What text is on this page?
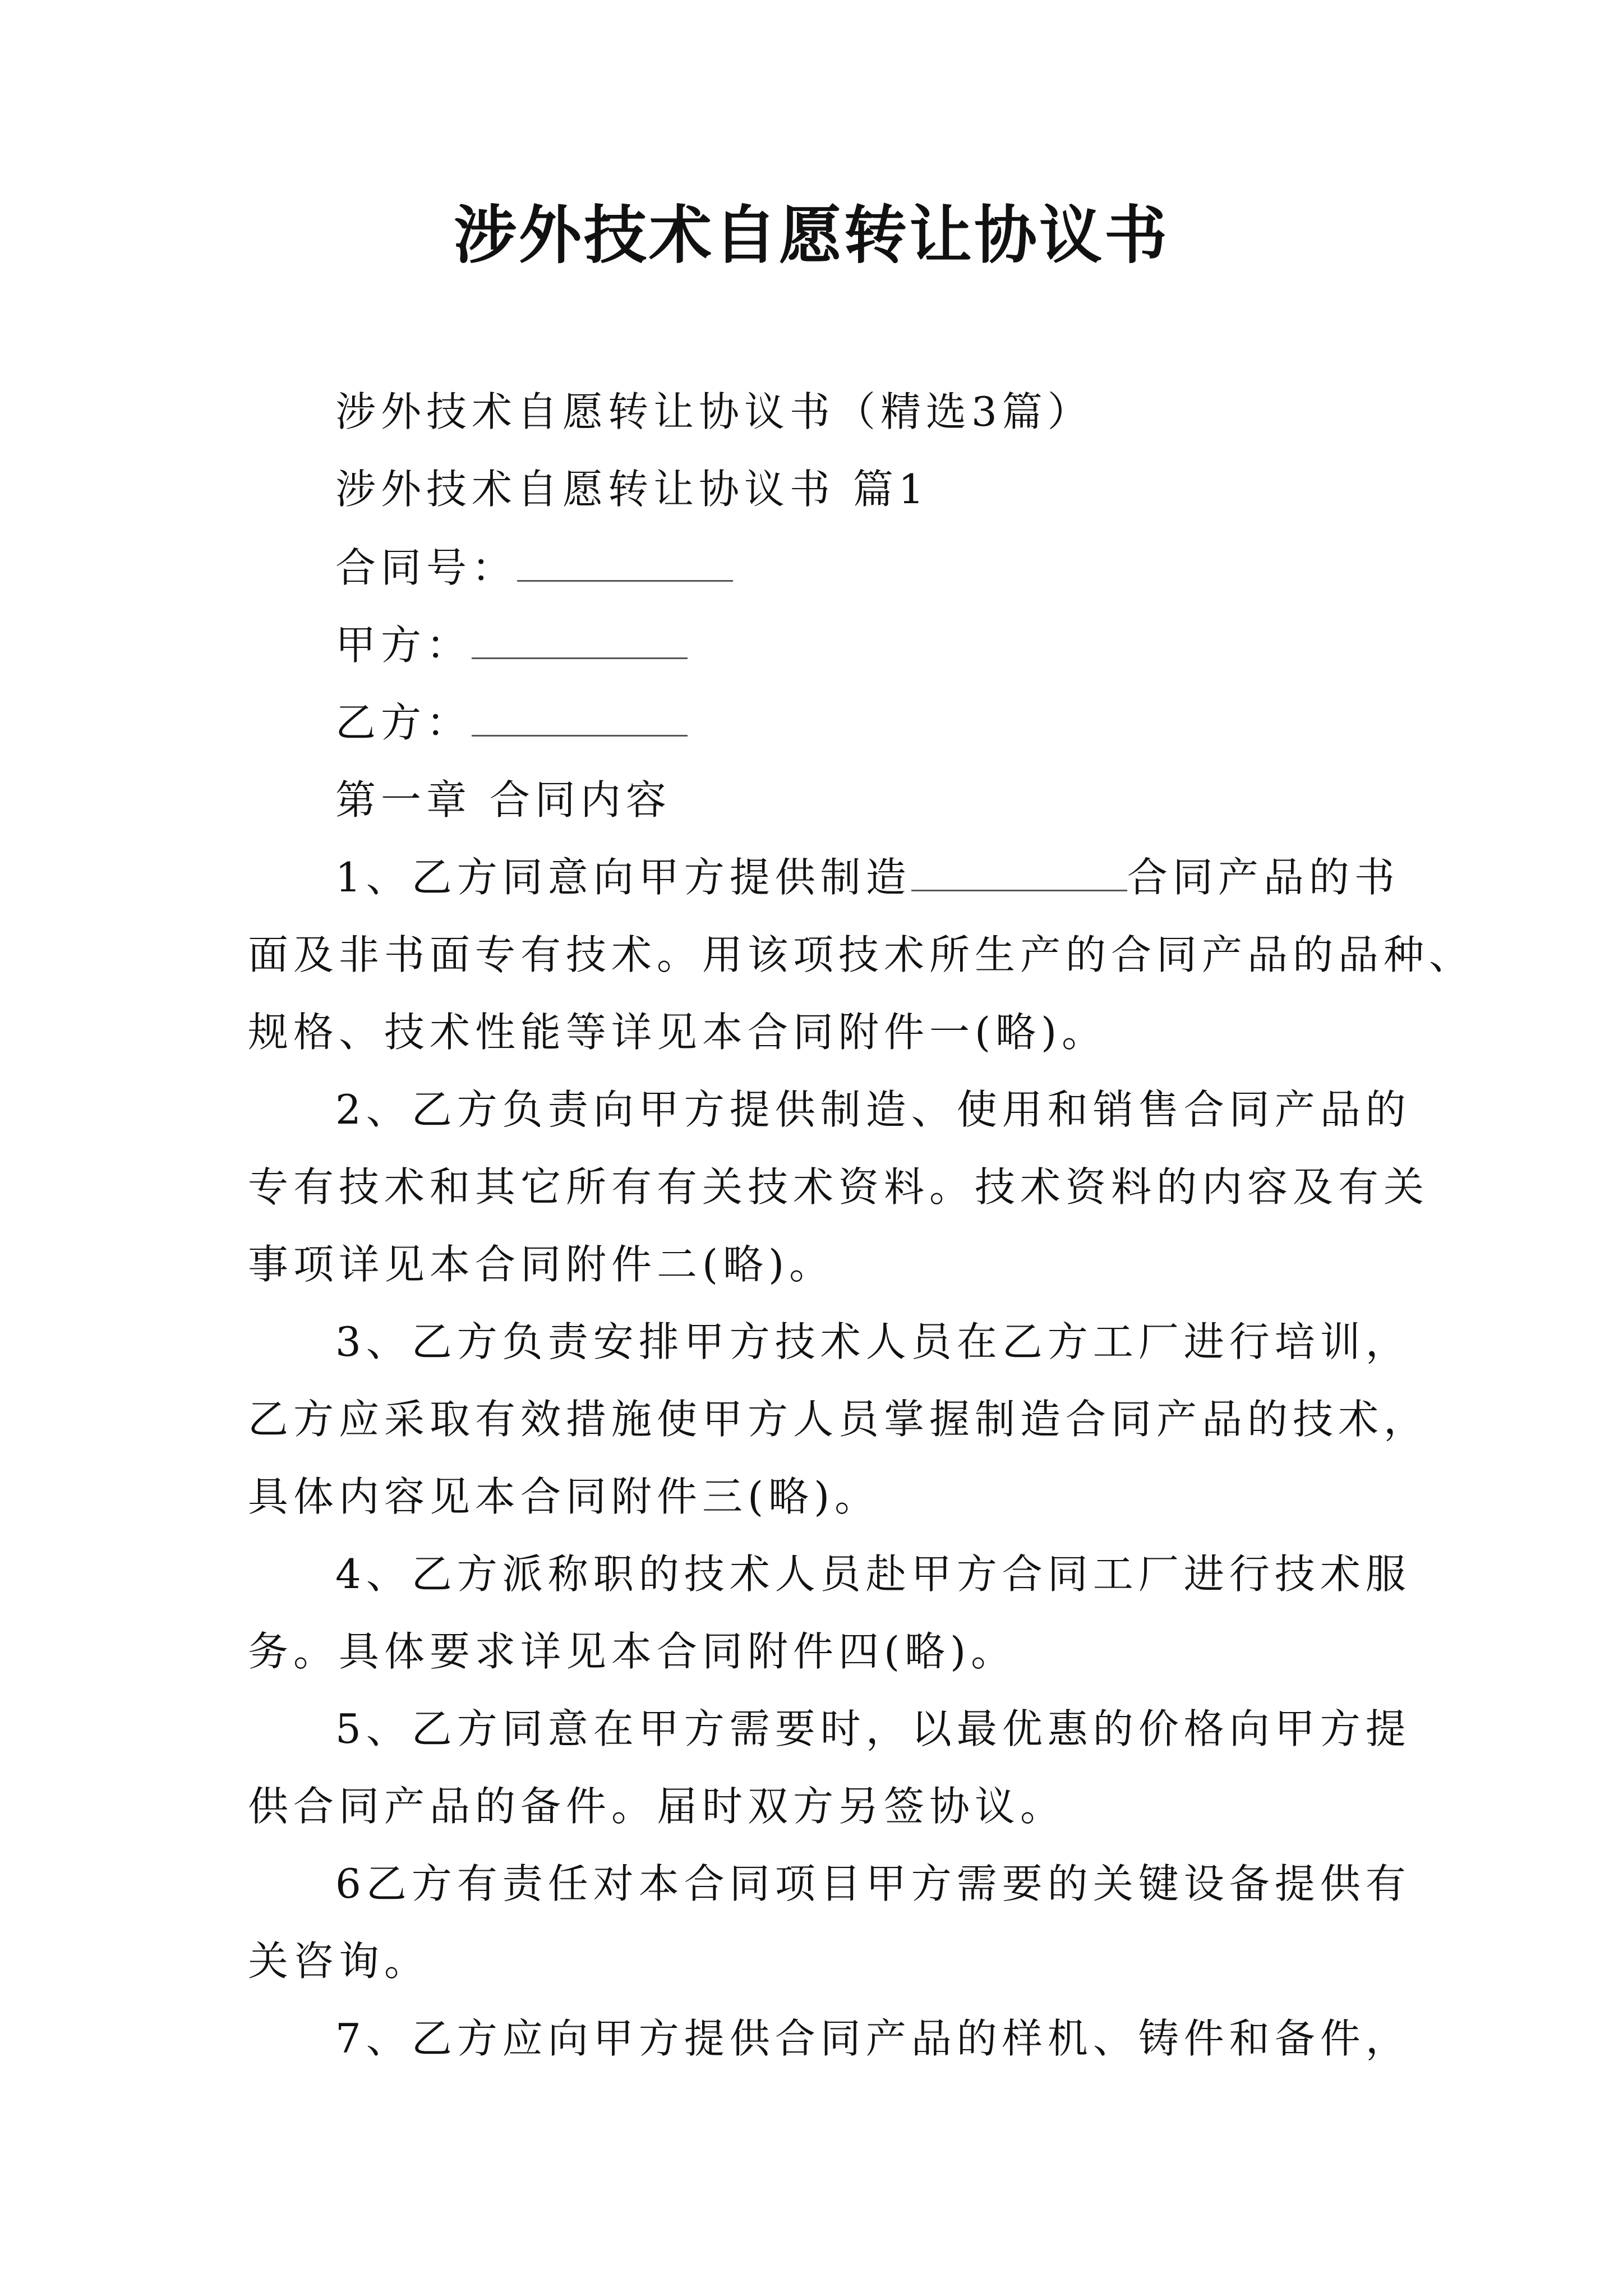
涉外技术自愿转让协议书
涉外技术自愿转让协议书（精选3篇）
涉外技术自愿转让协议书 篇1
合同号：
甲方：
乙方：
第一章 合同内容
1、乙方同意向甲方提供制造	合同产品的书
面及非书面专有技术。用该项技术所生产的合同产品的品种、
规格、技术性能等详见本合同附件一(略)。
2、乙方负责向甲方提供制造、使用和销售合同产品的
专有技术和其它所有有关技术资料。技术资料的内容及有关
事项详见本合同附件二(略)。
3、乙方负责安排甲方技术人员在乙方工厂进行培训，
乙方应采取有效措施使甲方人员掌握制造合同产品的技术，
具体内容见本合同附件三(略)。
4、乙方派称职的技术人员赴甲方合同工厂进行技术服
务。具体要求详见本合同附件四(略)。
5、乙方同意在甲方需要时，以最优惠的价格向甲方提
供合同产品的备件。届时双方另签协议。
6乙方有责任对本合同项目甲方需要的关键设备提供有
关咨询。
7、乙方应向甲方提供合同产品的样机、铸件和备件，
